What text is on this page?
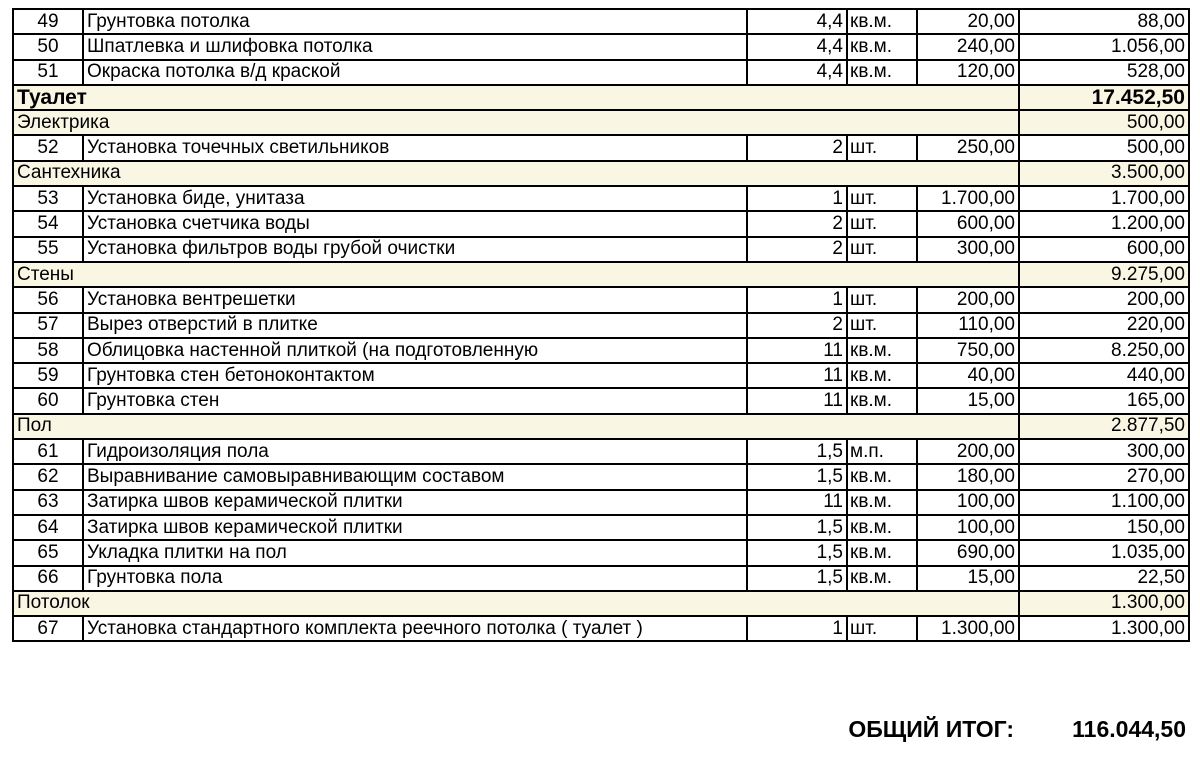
49	Грунтовка потолка	4,4	кв.м.	20,00	88,00
50	Шпатлевка и шлифовка потолка	4,4	кв.м.	240,00	1.056,00
51	Окраска потолка в/д краской	4,4	кв.м.	120,00	528,00
Туалет					17.452,50
Электрика					500,00
52	Установка точечных светильников	2	шт.	250,00	500,00
Сантехника					3.500,00
53	Установка биде, унитаза	1	шт.	1.700,00	1.700,00
54	Установка счетчика воды	2	шт.	600,00	1.200,00
55	Установка фильтров воды грубой очистки	2	шт.	300,00	600,00
Стены					9.275,00
56	Установка вентрешетки	1	шт.	200,00	200,00
57	Вырез отверстий в плитке	2	шт.	110,00	220,00
58	Облицовка настенной плиткой (на подготовленную	11	кв.м.	750,00	8.250,00
59	Грунтовка стен бетоноконтактом	11	кв.м.	40,00	440,00
60	Грунтовка стен	11	кв.м.	15,00	165,00
Пол					2.877,50
61	Гидроизоляция пола	1,5	м.п.	200,00	300,00
62	Выравнивание самовыравнивающим составом	1,5	кв.м.	180,00	270,00
63	Затирка швов керамической плитки	11	кв.м.	100,00	1.100,00
64	Затирка швов керамической плитки	1,5	кв.м.	100,00	150,00
65	Укладка плитки на пол	1,5	кв.м.	690,00	1.035,00
66	Грунтовка пола	1,5	кв.м.	15,00	22,50
Потолок					1.300,00
67	Установка стандартного комплекта реечного потолка ( туалет )	1	шт.	1.300,00	1.300,00
ОБЩИЙ ИТОГ:	116.044,50
